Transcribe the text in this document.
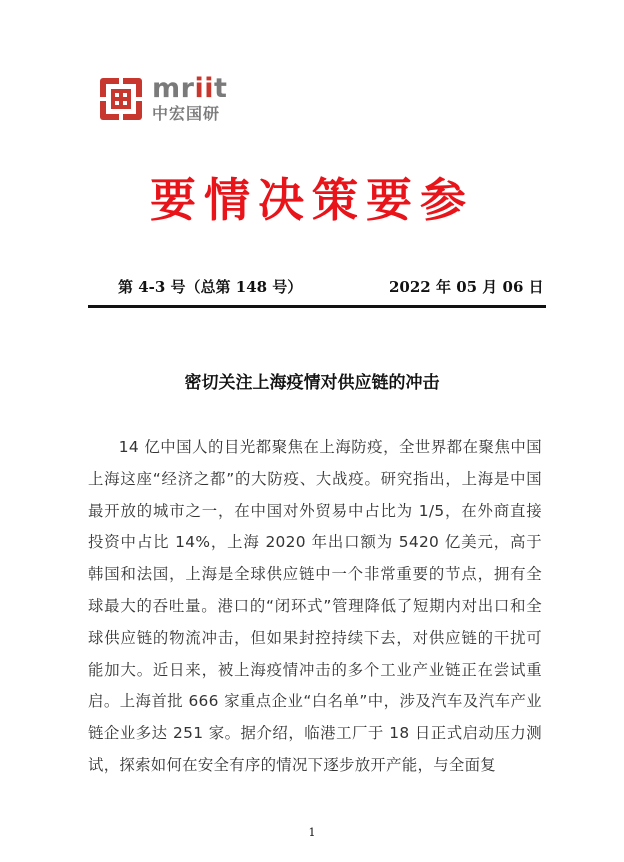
mriit
中宏国研
要情决策要参
第 4-3 号（总第 148 号）	2022 年 05 月 06 日
密切关注上海疫情对供应链的冲击

14 亿中国人的目光都聚焦在上海防疫，全世界都在聚焦中国上海这座“经济之都”的大防疫、大战疫。研究指出，上海是中国最开放的城市之一，在中国对外贸易中占比为 1/5，在外商直接投资中占比 14%，上海 2020 年出口额为 5420 亿美元，高于韩国和法国，上海是全球供应链中一个非常重要的节点，拥有全球最大的吞吐量。港口的“闭环式”管理降低了短期内对出口和全球供应链的物流冲击，但如果封控持续下去，对供应链的干扰可能加大。近日来，被上海疫情冲击的多个工业产业链正在尝试重启。上海首批 666 家重点企业“白名单”中，涉及汽车及汽车产业链企业多达 251 家。据介绍，临港工厂于 18 日正式启动压力测试，探索如何在安全有序的情况下逐步放开产能，与全面复

1
